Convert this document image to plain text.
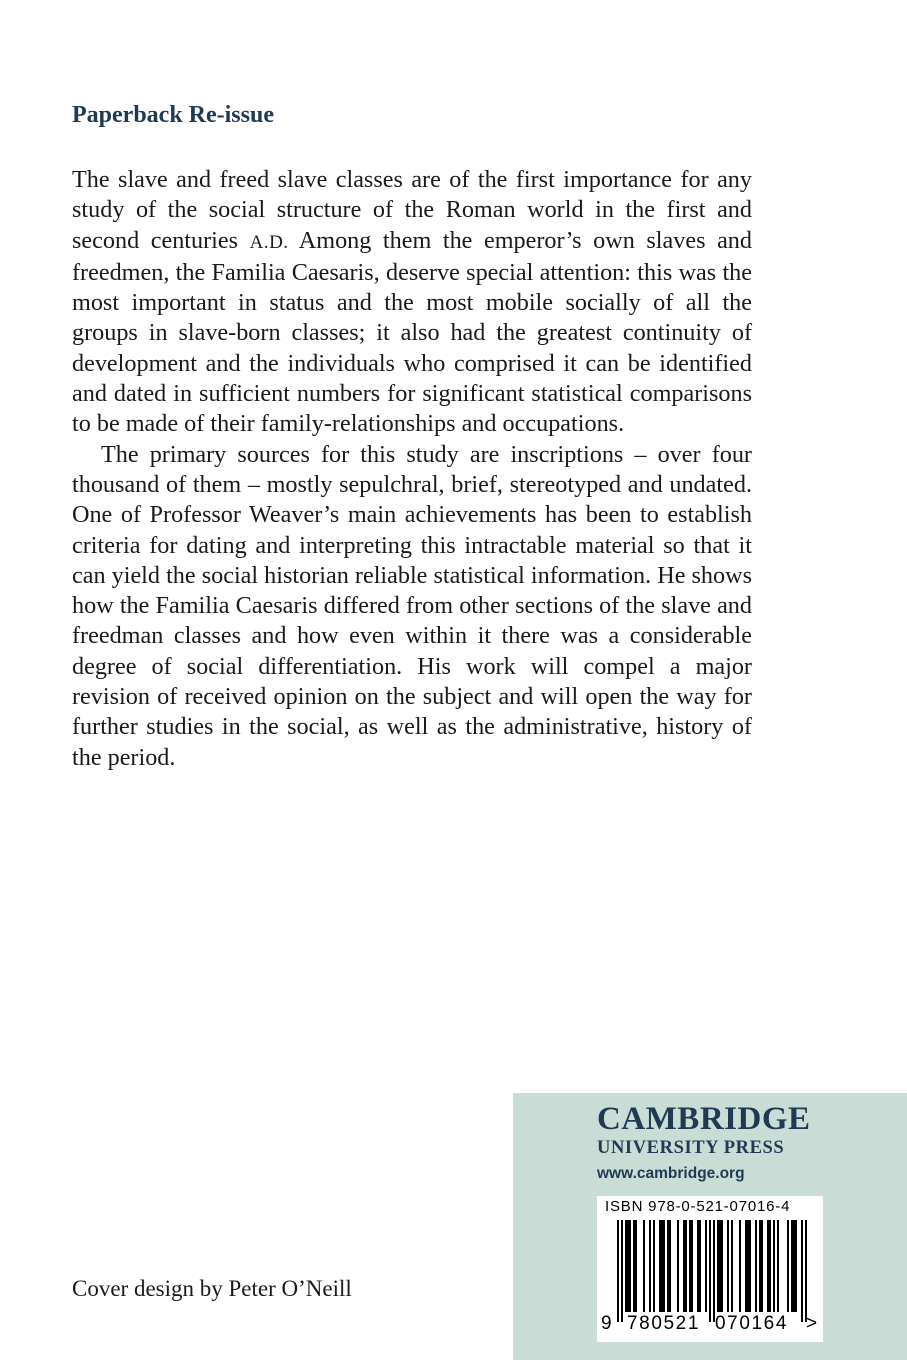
Paperback Re-issue

The slave and freed slave classes are of the first importance for any study of the social structure of the Roman world in the first and second centuries A.D. Among them the emperor’s own slaves and freedmen, the Familia Caesaris, deserve special attention: this was the most important in status and the most mobile socially of all the groups in slave-born classes; it also had the greatest continuity of development and the individuals who comprised it can be identified and dated in sufficient numbers for significant statistical comparisons to be made of their family-relationships and occupations.

The primary sources for this study are inscriptions – over four thousand of them – mostly sepulchral, brief, stereotyped and undated. One of Professor Weaver’s main achievements has been to establish criteria for dating and interpreting this intractable material so that it can yield the social historian reliable statistical information. He shows how the Familia Caesaris differed from other sections of the slave and freedman classes and how even within it there was a considerable degree of social differentiation. His work will compel a major revision of received opinion on the subject and will open the way for further studies in the social, as well as the administrative, history of the period.

Cover design by Peter O’Neill
CAMBRIDGE
UNIVERSITY PRESS
www.cambridge.org
ISBN 978-0-521-07016-4
9 780521 070164 >
